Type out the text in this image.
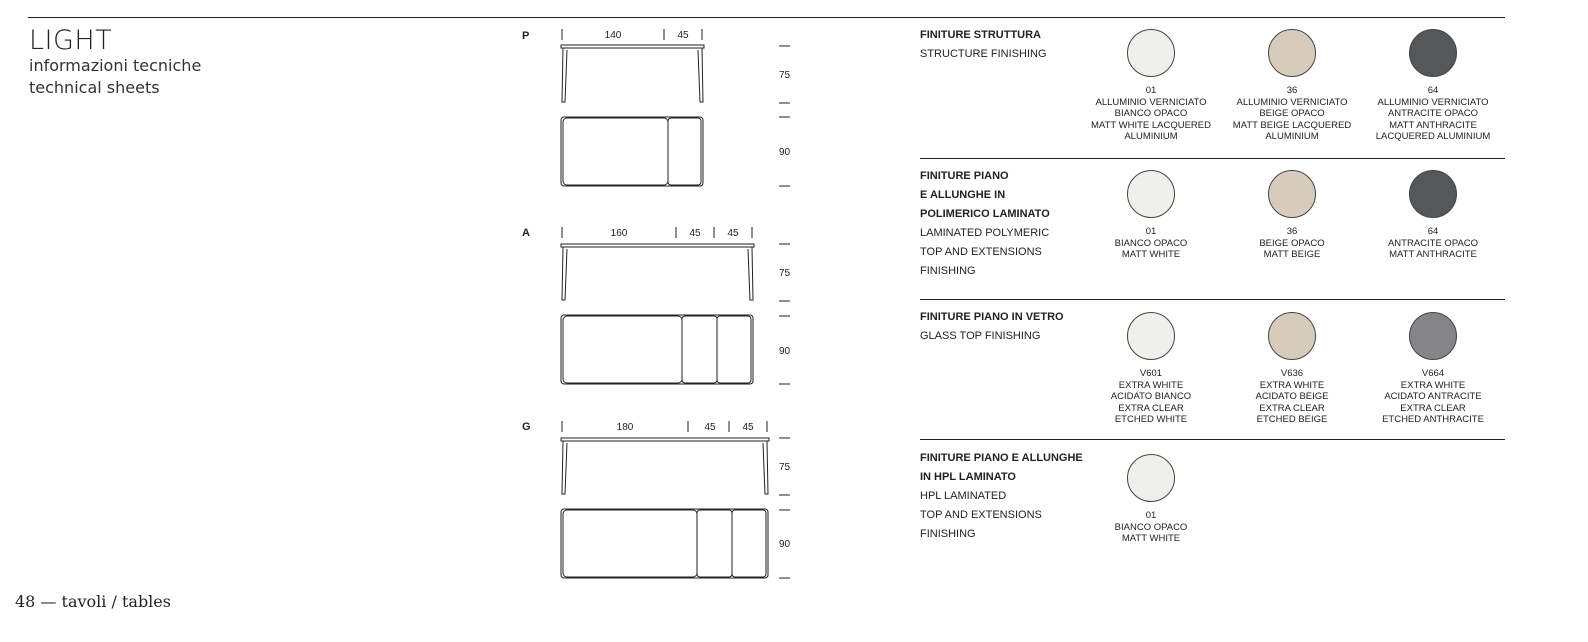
LIGHT
informazioni tecniche
technical sheets
P	140	45
75
90
A	160	45	45
75
90
G	180	45	45
75
90
FINITURE STRUTTURA
STRUCTURE FINISHING
01
ALLUMINIO VERNICIATO
BIANCO OPACO
MATT WHITE LACQUERED
ALUMINIUM
36
ALLUMINIO VERNICIATO
BEIGE OPACO
MATT BEIGE LACQUERED
ALUMINIUM
64
ALLUMINIO VERNICIATO
ANTRACITE OPACO
MATT ANTHRACITE
LACQUERED ALUMINIUM
FINITURE PIANO
E ALLUNGHE IN
POLIMERICO LAMINATO
LAMINATED POLYMERIC
TOP AND EXTENSIONS
FINISHING
01
BIANCO OPACO
MATT WHITE
36
BEIGE OPACO
MATT BEIGE
64
ANTRACITE OPACO
MATT ANTHRACITE
FINITURE PIANO IN VETRO
GLASS TOP FINISHING
V601
EXTRA WHITE
ACIDATO BIANCO
EXTRA CLEAR
ETCHED WHITE
V636
EXTRA WHITE
ACIDATO BEIGE
EXTRA CLEAR
ETCHED BEIGE
V664
EXTRA WHITE
ACIDATO ANTRACITE
EXTRA CLEAR
ETCHED ANTHRACITE
FINITURE PIANO E ALLUNGHE
IN HPL LAMINATO
HPL LAMINATED
TOP AND EXTENSIONS
FINISHING
01
BIANCO OPACO
MATT WHITE
48 — tavoli / tables
